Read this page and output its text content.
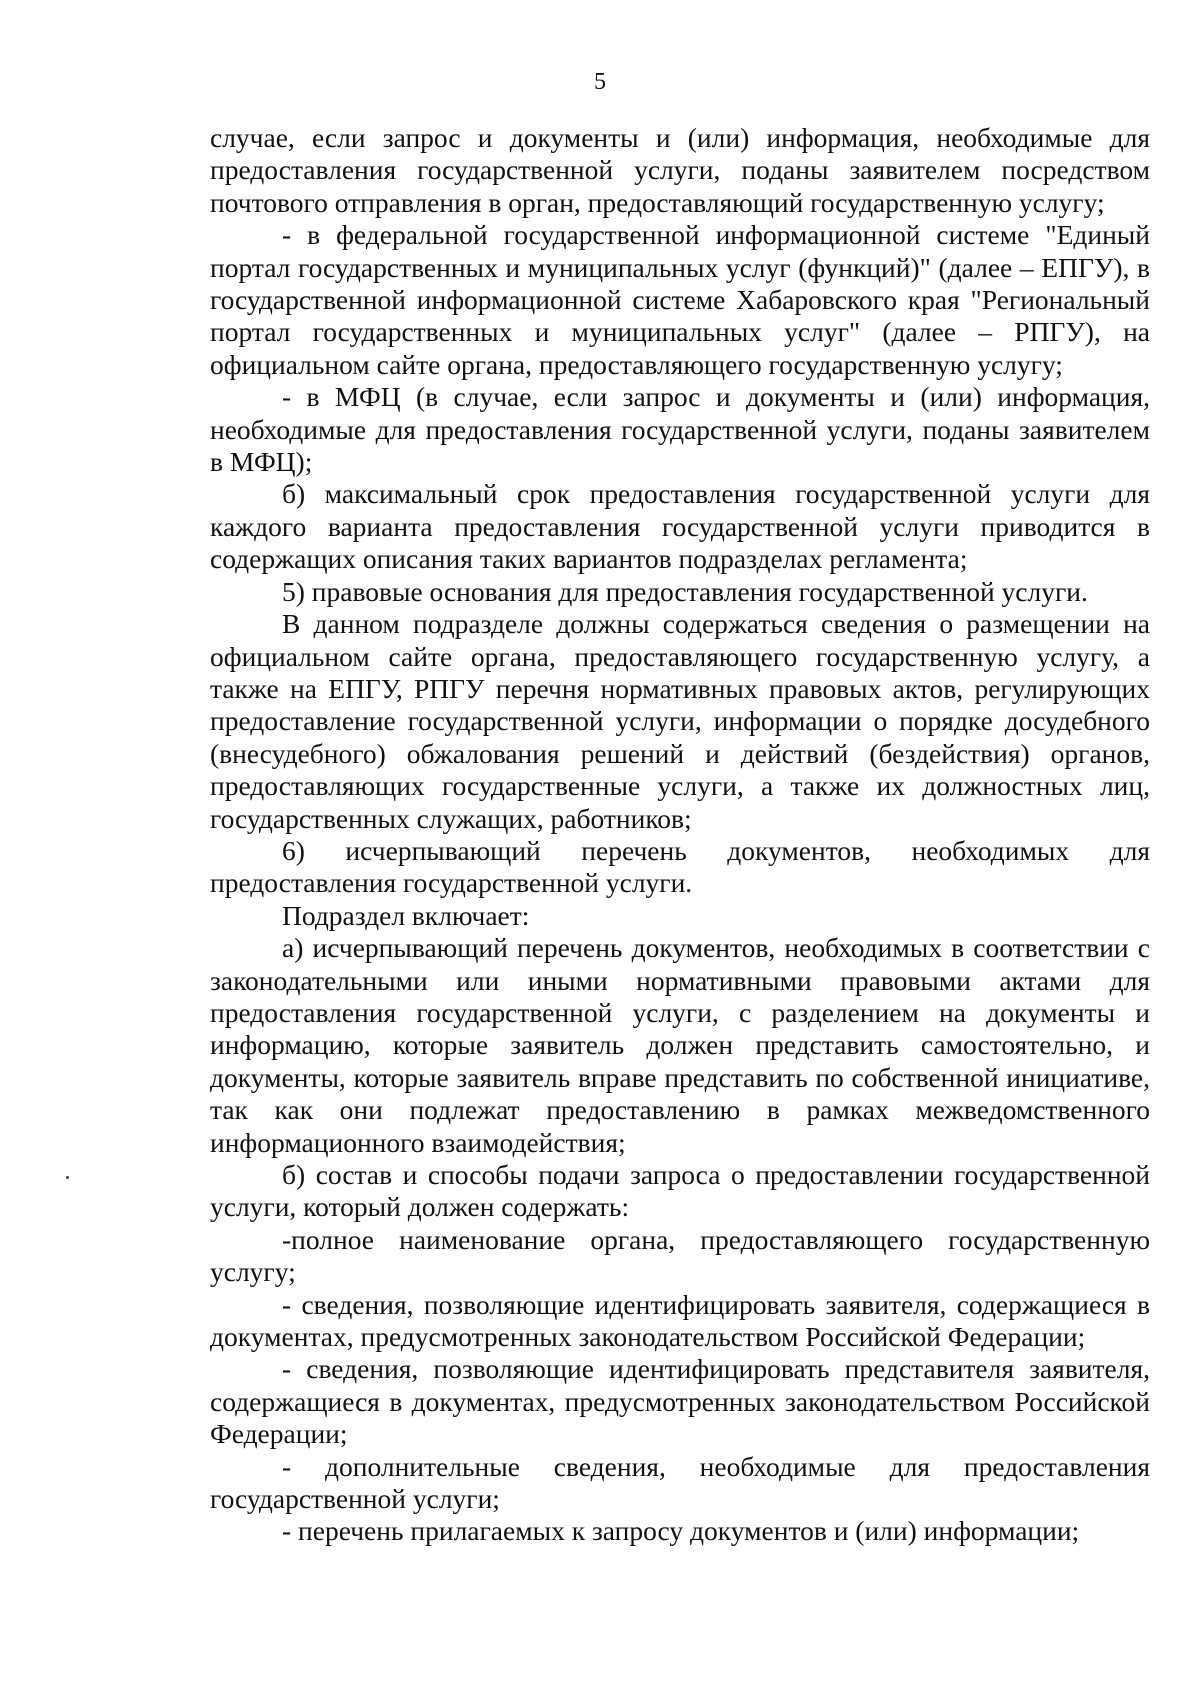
5

случае, если запрос и документы и (или) информация, необходимые для предоставления государственной услуги, поданы заявителем посредством почтового отправления в орган, предоставляющий государственную услугу;

- в федеральной государственной информационной системе "Единый портал государственных и муниципальных услуг (функций)" (далее – ЕПГУ), в государственной информационной системе Хабаровского края "Региональный портал государственных и муниципальных услуг" (далее – РПГУ), на официальном сайте органа, предоставляющего государственную услугу;

- в МФЦ (в случае, если запрос и документы и (или) информация, необходимые для предоставления государственной услуги, поданы заявителем в МФЦ);

б) максимальный срок предоставления государственной услуги для каждого варианта предоставления государственной услуги приводится в содержащих описания таких вариантов подразделах регламента;

5) правовые основания для предоставления государственной услуги.

В данном подразделе должны содержаться сведения о размещении на официальном сайте органа, предоставляющего государственную услугу, а также на ЕПГУ, РПГУ перечня нормативных правовых актов, регулирующих предоставление государственной услуги, информации о порядке досудебного (внесудебного) обжалования решений и действий (бездействия) органов, предоставляющих государственные услуги, а также их должностных лиц, государственных служащих, работников;

6) исчерпывающий перечень документов, необходимых для предоставления государственной услуги.

Подраздел включает:

а) исчерпывающий перечень документов, необходимых в соответствии с законодательными или иными нормативными правовыми актами для предоставления государственной услуги, с разделением на документы и информацию, которые заявитель должен представить самостоятельно, и документы, которые заявитель вправе представить по собственной инициативе, так как они подлежат предоставлению в рамках межведомственного информационного взаимодействия;

б) состав и способы подачи запроса о предоставлении государственной услуги, который должен содержать:

-полное наименование органа, предоставляющего государственную услугу;

- сведения, позволяющие идентифицировать заявителя, содержащиеся в документах, предусмотренных законодательством Российской Федерации;

- сведения, позволяющие идентифицировать представителя заявителя, содержащиеся в документах, предусмотренных законодательством Российской Федерации;

- дополнительные сведения, необходимые для предоставления государственной услуги;

- перечень прилагаемых к запросу документов и (или) информации;
